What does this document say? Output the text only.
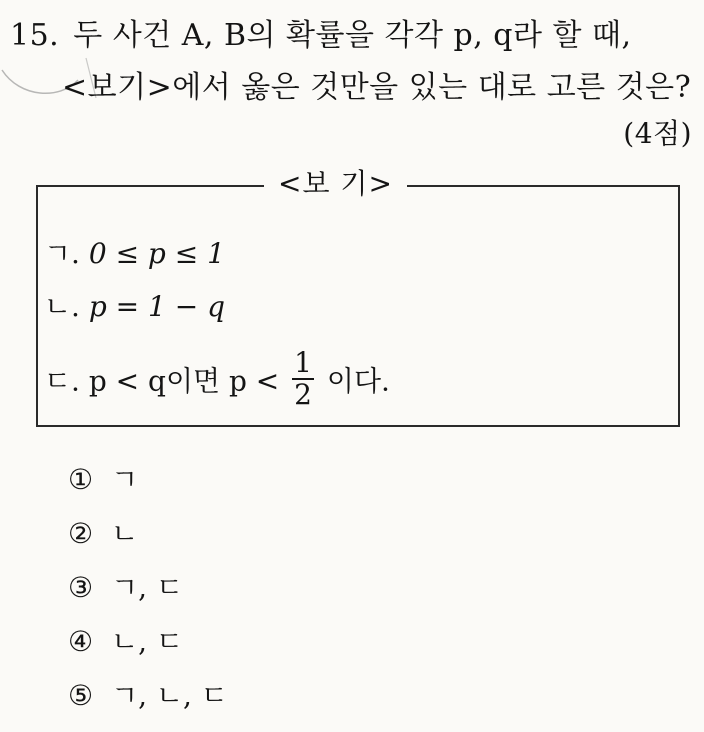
15. 두 사건 A, B의 확률을 각각 p, q라 할 때,
<보기>에서 옳은 것만을 있는 대로 고른 것은?
(4점)
<보 기>
ㄱ. 0 ≤ p ≤ 1
ㄴ. p = 1 − q
ㄷ. p < q이면 $p < \frac{1}{2}$ 이다.
① ㄱ
② ㄴ
③ ㄱ, ㄷ
④ ㄴ, ㄷ
⑤ ㄱ, ㄴ, ㄷ
